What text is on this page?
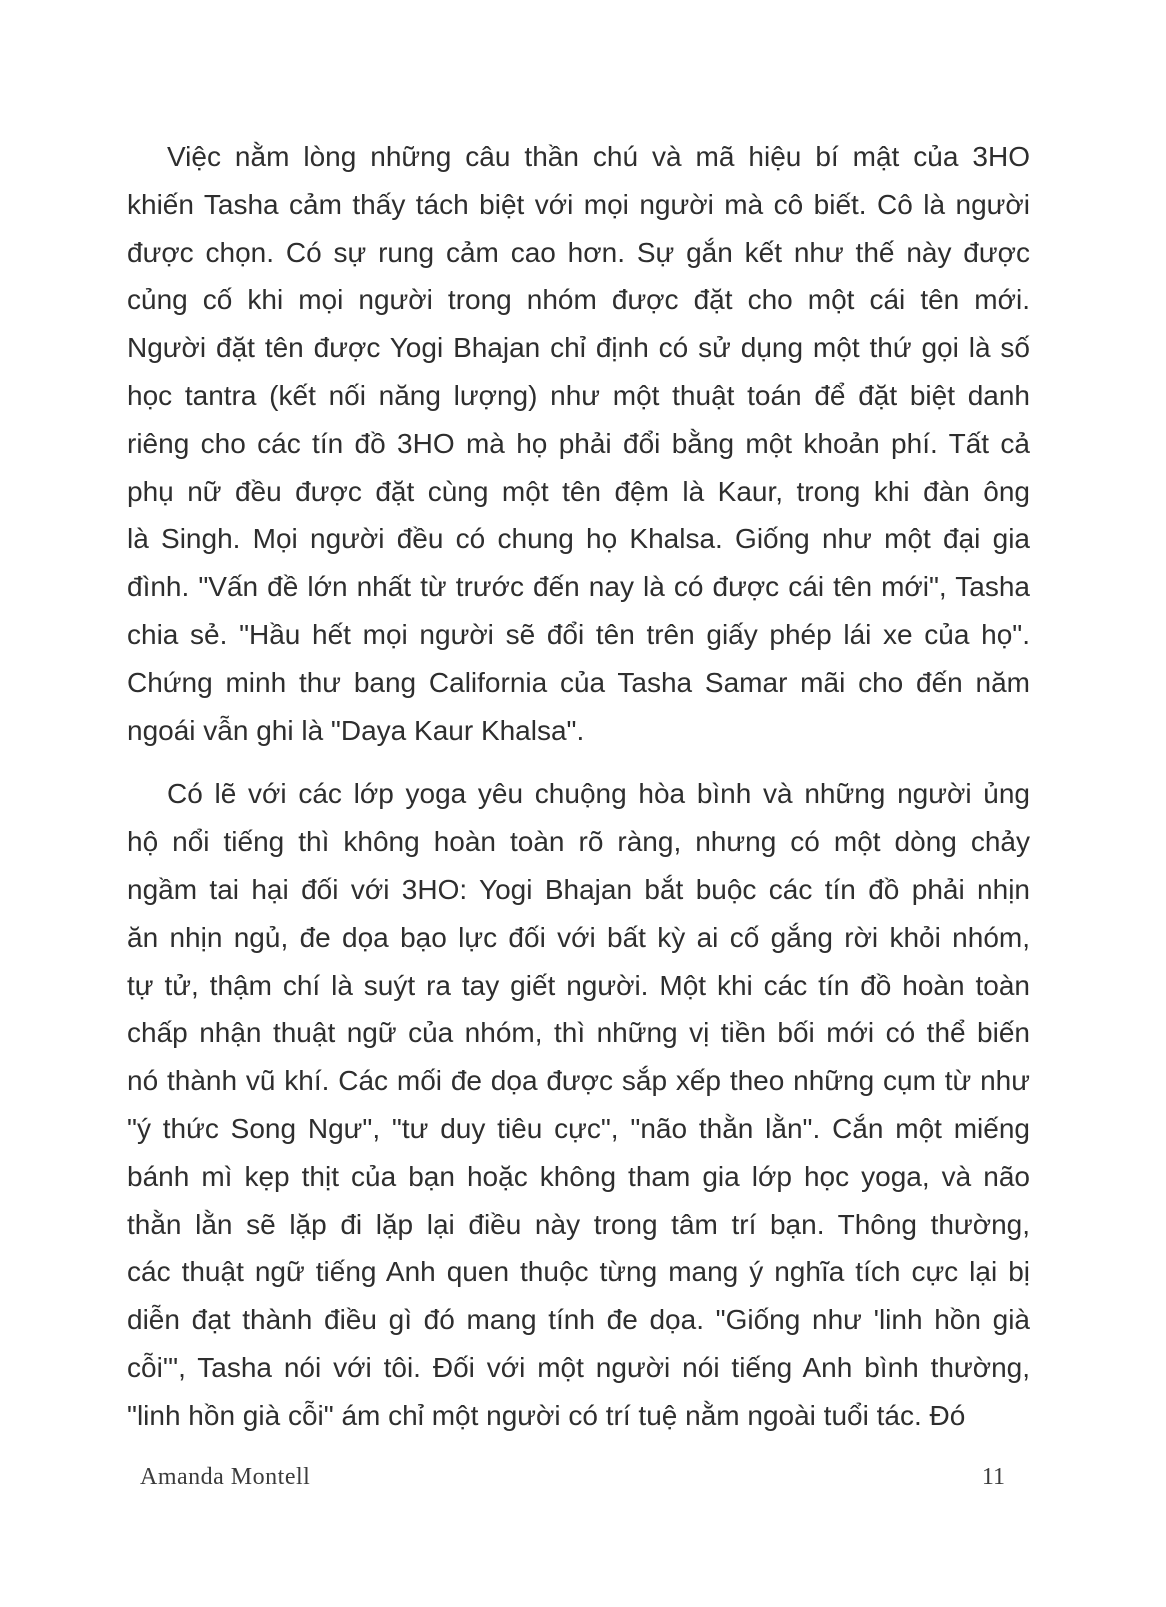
Việc nằm lòng những câu thần chú và mã hiệu bí mật của 3HO
khiến Tasha cảm thấy tách biệt với mọi người mà cô biết. Cô là người
được chọn. Có sự rung cảm cao hơn. Sự gắn kết như thế này được
củng cố khi mọi người trong nhóm được đặt cho một cái tên mới.
Người đặt tên được Yogi Bhajan chỉ định có sử dụng một thứ gọi là số
học tantra (kết nối năng lượng) như một thuật toán để đặt biệt danh
riêng cho các tín đồ 3HO mà họ phải đổi bằng một khoản phí. Tất cả
phụ nữ đều được đặt cùng một tên đệm là Kaur, trong khi đàn ông
là Singh. Mọi người đều có chung họ Khalsa. Giống như một đại gia
đình. "Vấn đề lớn nhất từ trước đến nay là có được cái tên mới", Tasha
chia sẻ. "Hầu hết mọi người sẽ đổi tên trên giấy phép lái xe của họ".
Chứng minh thư bang California của Tasha Samar mãi cho đến năm
ngoái vẫn ghi là "Daya Kaur Khalsa".
Có lẽ với các lớp yoga yêu chuộng hòa bình và những người ủng
hộ nổi tiếng thì không hoàn toàn rõ ràng, nhưng có một dòng chảy
ngầm tai hại đối với 3HO: Yogi Bhajan bắt buộc các tín đồ phải nhịn
ăn nhịn ngủ, đe dọa bạo lực đối với bất kỳ ai cố gắng rời khỏi nhóm,
tự tử, thậm chí là suýt ra tay giết người. Một khi các tín đồ hoàn toàn
chấp nhận thuật ngữ của nhóm, thì những vị tiền bối mới có thể biến
nó thành vũ khí. Các mối đe dọa được sắp xếp theo những cụm từ như
"ý thức Song Ngư", "tư duy tiêu cực", "não thằn lằn". Cắn một miếng
bánh mì kẹp thịt của bạn hoặc không tham gia lớp học yoga, và não
thằn lằn sẽ lặp đi lặp lại điều này trong tâm trí bạn. Thông thường,
các thuật ngữ tiếng Anh quen thuộc từng mang ý nghĩa tích cực lại bị
diễn đạt thành điều gì đó mang tính đe dọa. "Giống như 'linh hồn già
cỗi'", Tasha nói với tôi. Đối với một người nói tiếng Anh bình thường,
"linh hồn già cỗi" ám chỉ một người có trí tuệ nằm ngoài tuổi tác. Đó
Amanda Montell	11
